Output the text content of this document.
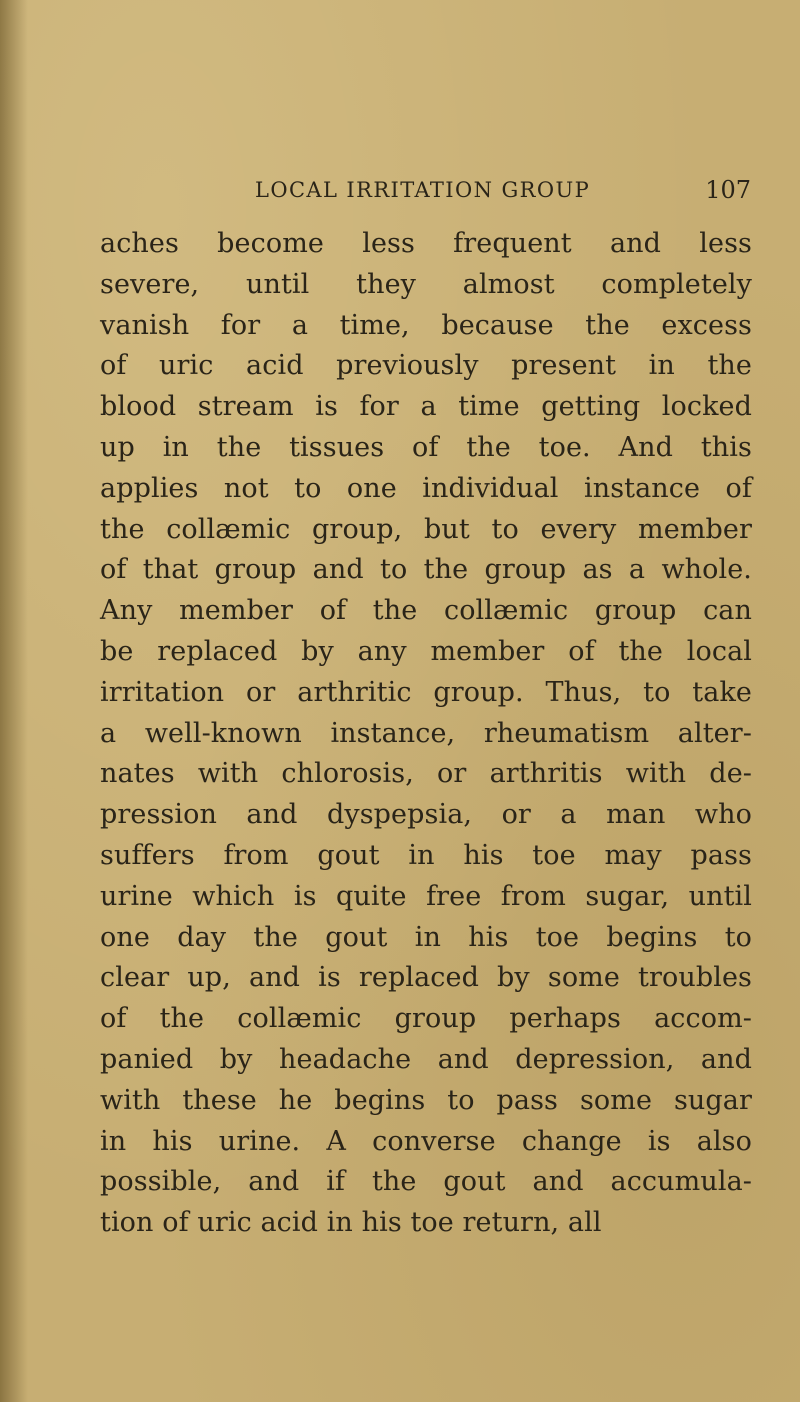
LOCAL IRRITATION GROUP	107
aches become less frequent and less
severe, until they almost completely
vanish for a time, because the excess
of uric acid previously present in the
blood stream is for a time getting locked
up in the tissues of the toe. And this
applies not to one individual instance of
the collæmic group, but to every member
of that group and to the group as a whole.
Any member of the collæmic group can
be replaced by any member of the local
irritation or arthritic group. Thus, to take
a well-known instance, rheumatism alter-
nates with chlorosis, or arthritis with de-
pression and dyspepsia, or a man who
suffers from gout in his toe may pass
urine which is quite free from sugar, until
one day the gout in his toe begins to
clear up, and is replaced by some troubles
of the collæmic group perhaps accom-
panied by headache and depression, and
with these he begins to pass some sugar
in his urine. A converse change is also
possible, and if the gout and accumula-
tion of uric acid in his toe return, all
